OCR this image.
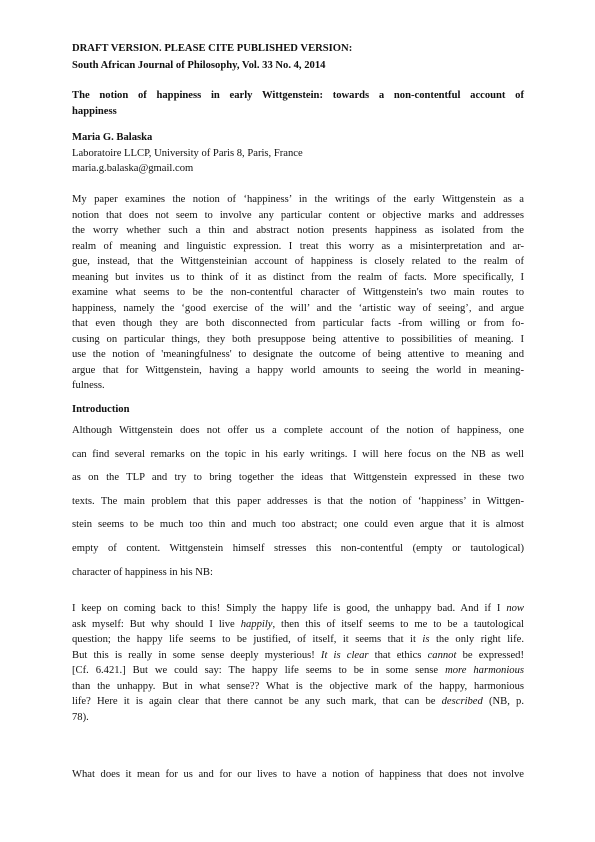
DRAFT VERSION. PLEASE CITE PUBLISHED VERSION:
South African Journal of Philosophy, Vol. 33 No. 4, 2014
The notion of happiness in early Wittgenstein: towards a non-contentful account of
happiness
Maria G. Balaska
Laboratoire LLCP, University of Paris 8, Paris, France
maria.g.balaska@gmail.com
My paper examines the notion of ‘happiness’ in the writings of the early Wittgenstein as a
notion that does not seem to involve any particular content or objective marks and addresses
the worry whether such a thin and abstract notion presents happiness as isolated from the
realm of meaning and linguistic expression. I treat this worry as a misinterpretation and ar-
gue, instead, that the Wittgensteinian account of happiness is closely related to the realm of
meaning but invites us to think of it as distinct from the realm of facts. More specifically, I
examine what seems to be the non-contentful character of Wittgenstein's two main routes to
happiness, namely the ‘good exercise of the will’ and the ‘artistic way of seeing’, and argue
that even though they are both disconnected from particular facts -from willing or from fo-
cusing on particular things, they both presuppose being attentive to possibilities of meaning. I
use the notion of 'meaningfulness' to designate the outcome of being attentive to meaning and
argue that for Wittgenstein, having a happy world amounts to seeing the world in meaning-
fulness.
Introduction
Although Wittgenstein does not offer us a complete account of the notion of happiness, one
can find several remarks on the topic in his early writings. I will here focus on the NB as well
as on the TLP and try to bring together the ideas that Wittgenstein expressed in these two
texts. The main problem that this paper addresses is that the notion of ‘happiness’ in Wittgen-
stein seems to be much too thin and much too abstract; one could even argue that it is almost
empty of content. Wittgenstein himself stresses this non-contentful (empty or tautological)
character of happiness in his NB:
I keep on coming back to this! Simply the happy life is good, the unhappy bad. And if I now
ask myself: But why should I live happily, then this of itself seems to me to be a tautological
question; the happy life seems to be justified, of itself, it seems that it is the only right life.
But this is really in some sense deeply mysterious! It is clear that ethics cannot be expressed!
[Cf. 6.421.] But we could say: The happy life seems to be in some sense more harmonious
than the unhappy. But in what sense?? What is the objective mark of the happy, harmonious
life? Here it is again clear that there cannot be any such mark, that can be described (NB, p.
78).
What does it mean for us and for our lives to have a notion of happiness that does not involve
